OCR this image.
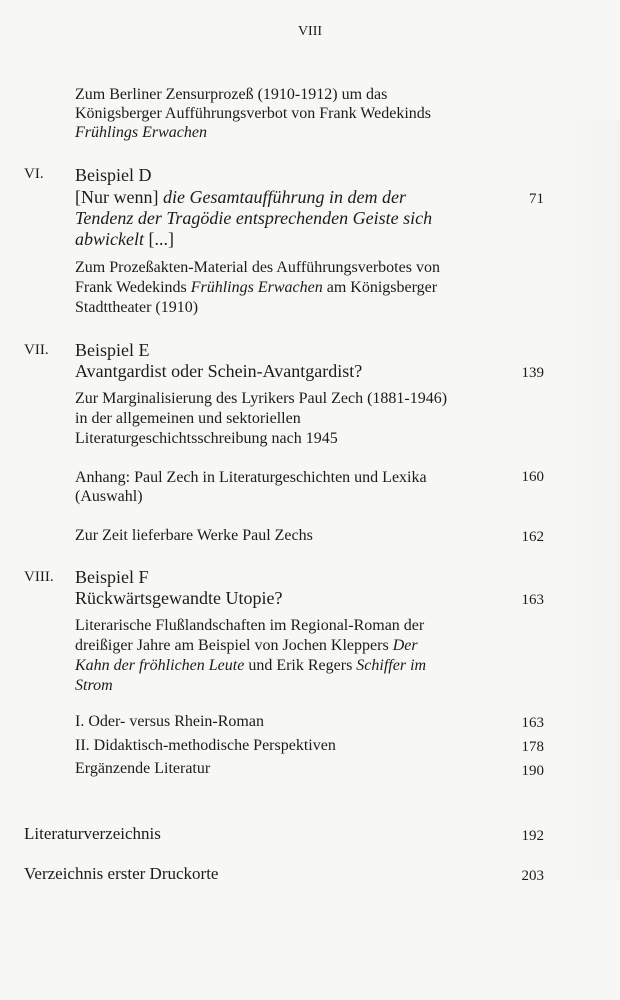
VIII
Zum Berliner Zensurprozeß (1910-1912) um das
Königsberger Aufführungsverbot von Frank Wedekinds
Frühlings Erwachen
VI. Beispiel D
[Nur wenn] die Gesamtaufführung in dem der	71
Tendenz der Tragödie entsprechenden Geiste sich
abwickelt [...]
Zum Prozeßakten-Material des Aufführungsverbotes von
Frank Wedekinds Frühlings Erwachen am Königsberger
Stadttheater (1910)
VII. Beispiel E
Avantgardist oder Schein-Avantgardist?	139
Zur Marginalisierung des Lyrikers Paul Zech (1881-1946)
in der allgemeinen und sektoriellen
Literaturgeschichtsschreibung nach 1945
Anhang: Paul Zech in Literaturgeschichten und Lexika	160
(Auswahl)
Zur Zeit lieferbare Werke Paul Zechs	162
VIII. Beispiel F
Rückwärtsgewandte Utopie?	163
Literarische Flußlandschaften im Regional-Roman der
dreißiger Jahre am Beispiel von Jochen Kleppers Der
Kahn der fröhlichen Leute und Erik Regers Schiffer im
Strom
I. Oder- versus Rhein-Roman	163
II. Didaktisch-methodische Perspektiven	178
Ergänzende Literatur	190
Literaturverzeichnis	192
Verzeichnis erster Druckorte	203
